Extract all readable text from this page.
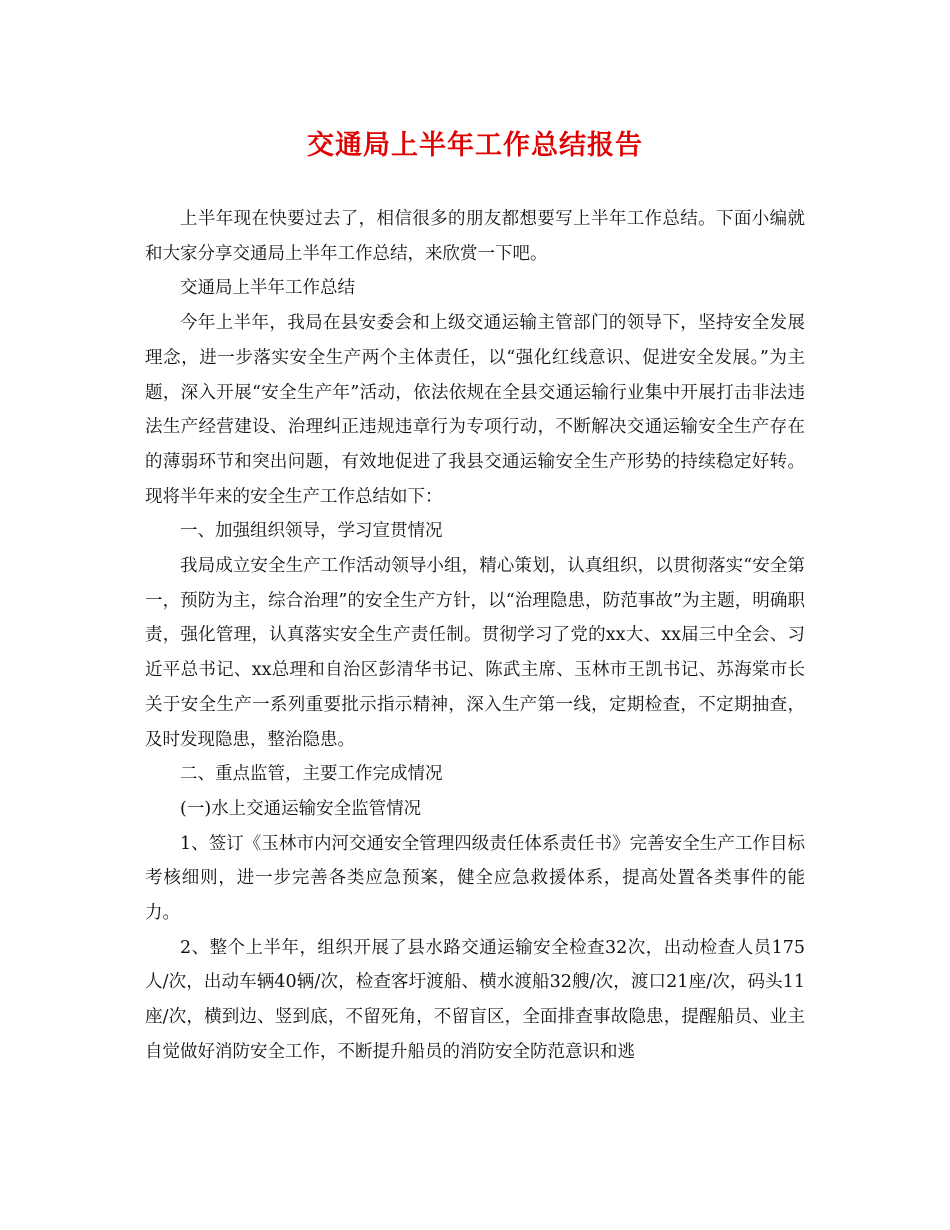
交通局上半年工作总结报告

上半年现在快要过去了，相信很多的朋友都想要写上半年工作总结。下面小编就和大家分享交通局上半年工作总结，来欣赏一下吧。

交通局上半年工作总结

今年上半年，我局在县安委会和上级交通运输主管部门的领导下，坚持安全发展理念，进一步落实安全生产两个主体责任，以“强化红线意识、促进安全发展。”为主题，深入开展“安全生产年”活动，依法依规在全县交通运输行业集中开展打击非法违法生产经营建设、治理纠正违规违章行为专项行动，不断解决交通运输安全生产存在的薄弱环节和突出问题，有效地促进了我县交通运输安全生产形势的持续稳定好转。现将半年来的安全生产工作总结如下：

一、加强组织领导，学习宣贯情况

我局成立安全生产工作活动领导小组，精心策划，认真组织，以贯彻落实“安全第一，预防为主，综合治理”的安全生产方针，以“治理隐患，防范事故”为主题，明确职责，强化管理，认真落实安全生产责任制。贯彻学习了党的xx大、xx届三中全会、习近平总书记、xx总理和自治区彭清华书记、陈武主席、玉林市王凯书记、苏海棠市长关于安全生产一系列重要批示指示精神，深入生产第一线，定期检查，不定期抽查，及时发现隐患，整治隐患。

二、重点监管，主要工作完成情况

(一)水上交通运输安全监管情况

1、签订《玉林市内河交通安全管理四级责任体系责任书》完善安全生产工作目标考核细则，进一步完善各类应急预案，健全应急救援体系，提高处置各类事件的能力。

2、整个上半年，组织开展了县水路交通运输安全检查32次，出动检查人员175人/次，出动车辆40辆/次，检查客圩渡船、横水渡船32艘/次，渡口21座/次，码头11座/次，横到边、竖到底，不留死角，不留盲区，全面排查事故隐患，提醒船员、业主自觉做好消防安全工作，不断提升船员的消防安全防范意识和逃
